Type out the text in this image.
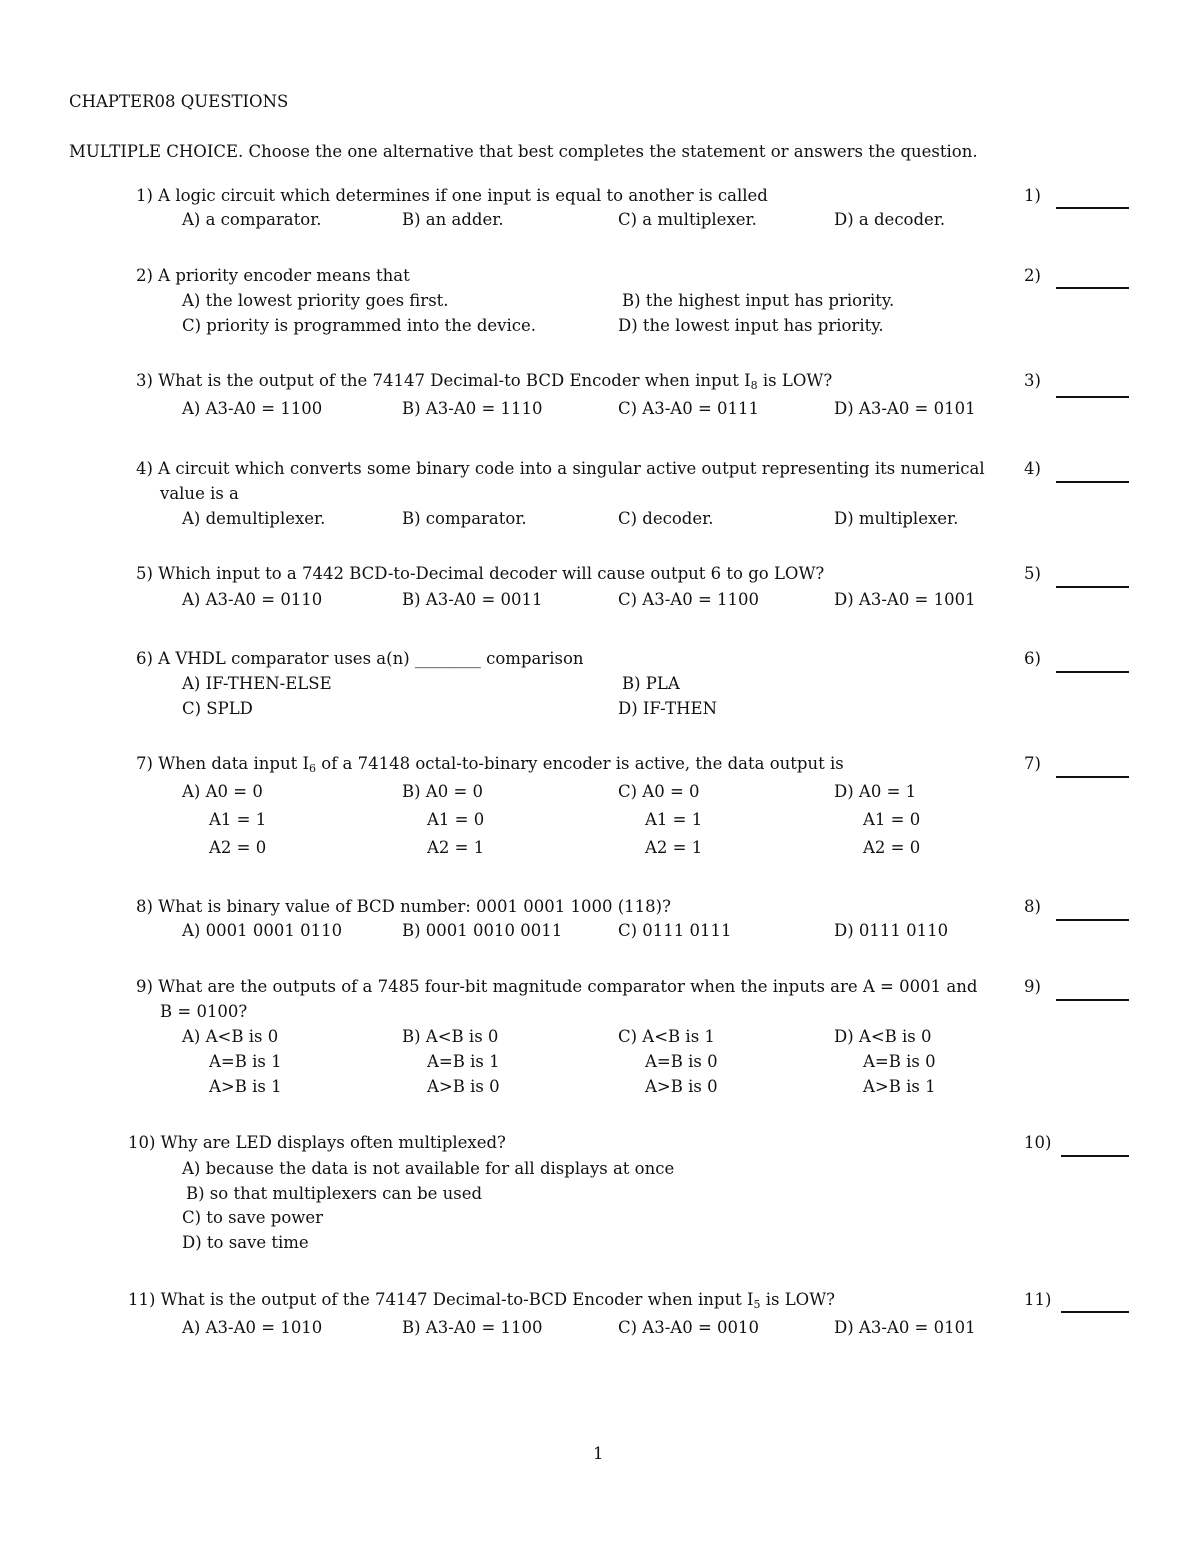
CHAPTER08 QUESTIONS
MULTIPLE CHOICE. Choose the one alternative that best completes the statement or answers the question.
1) A logic circuit which determines if one input is equal to another is called	1)
A) a comparator.	B) an adder.	C) a multiplexer.	D) a decoder.
2) A priority encoder means that	2)
A) the lowest priority goes first.	B) the highest input has priority.
C) priority is programmed into the device.	D) the lowest input has priority.
3) What is the output of the 74147 Decimal-to BCD Encoder when input $I_8$ is LOW?	3)
A) A3-A0 = 1100	B) A3-A0 = 1110	C) A3-A0 = 0111	D) A3-A0 = 0101
4) A circuit which converts some binary code into a singular active output representing its numerical 4)
value is a
A) demultiplexer.	B) comparator.	C) decoder.	D) multiplexer.
5) Which input to a 7442 BCD-to-Decimal decoder will cause output 6 to go LOW?	5)
A) A3-A0 = 0110	B) A3-A0 = 0011	C) A3-A0 = 1100	D) A3-A0 = 1001
6) A VHDL comparator uses a(n) ________ comparison	6)
A) IF-THEN-ELSE	B) PLA
C) SPLD	D) IF-THEN
7) When data input $I_6$ of a 74148 octal-to-binary encoder is active, the data output is	7)
A) A0 = 0
A1 = 1
A2 = 0
B) A0 = 0
A1 = 0
A2 = 1
C) A0 = 0
A1 = 1
A2 = 1
D) A0 = 1
A1 = 0
A2 = 0
8) What is binary value of BCD number: 0001 0001 1000 (118)?	8)
A) 0001 0001 0110	B) 0001 0010 0011	C) 0111 0111	D) 0111 0110
9) What are the outputs of a 7485 four-bit magnitude comparator when the inputs are A = 0001 and	9)
B = 0100?
A) A<B is 0
A=B is 1
A>B is 1
B) A<B is 0
A=B is 1
A>B is 0
C) A<B is 1
A=B is 0
A>B is 0
D) A<B is 0
A=B is 0
A>B is 1
10) Why are LED displays often multiplexed?	10)
A) because the data is not available for all displays at once
B) so that multiplexers can be used
C) to save power
D) to save time
11) What is the output of the 74147 Decimal-to-BCD Encoder when input $I_5$ is LOW?	11)
A) A3-A0 = 1010	B) A3-A0 = 1100	C) A3-A0 = 0010	D) A3-A0 = 0101
1
